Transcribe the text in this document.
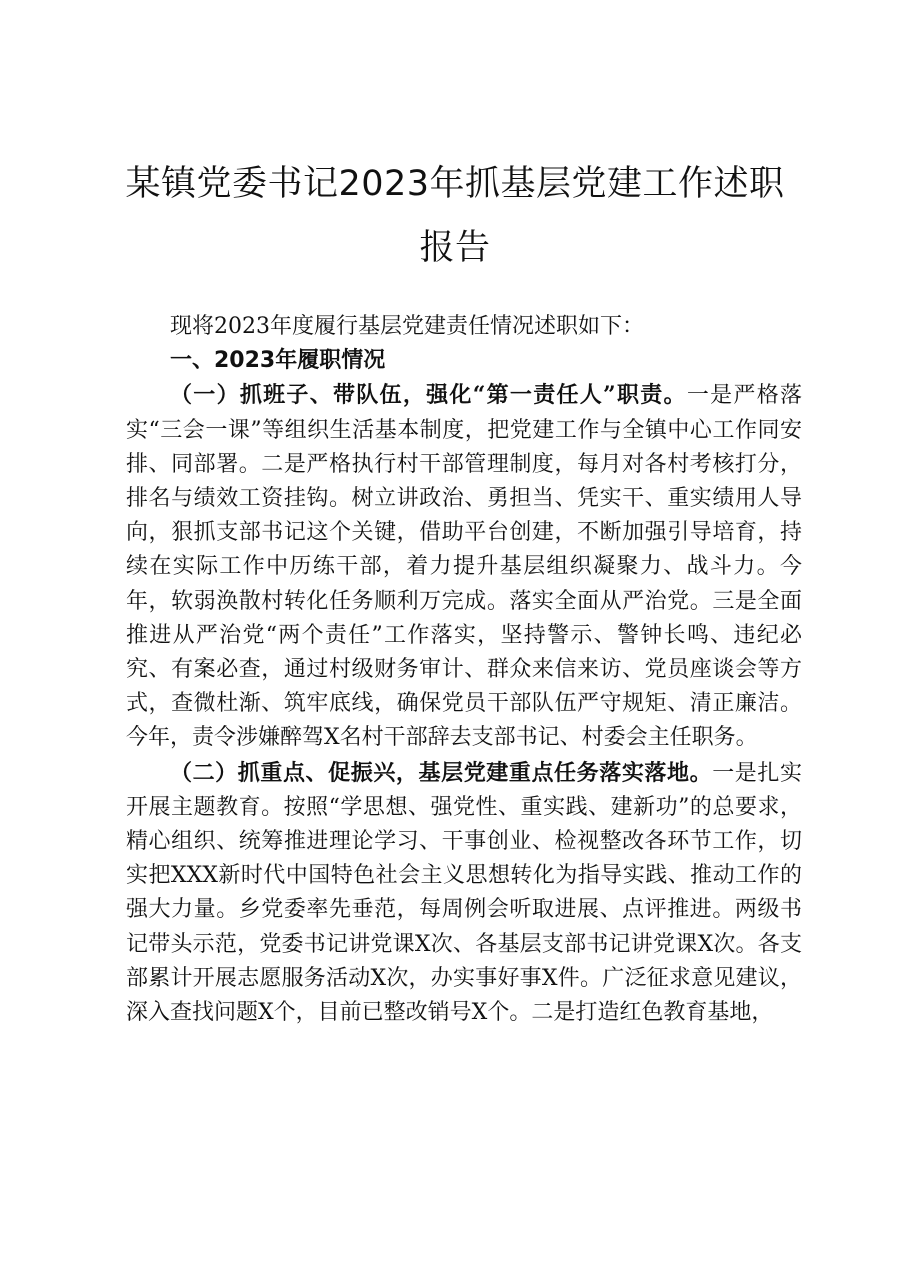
某镇党委书记2023年抓基层党建工作述职报告

现将2023年度履行基层党建责任情况述职如下：

一、2023年履职情况

（一）抓班子、带队伍，强化“第一责任人”职责。一是严格落实“三会一课”等组织生活基本制度，把党建工作与全镇中心工作同安排、同部署。二是严格执行村干部管理制度，每月对各村考核打分，排名与绩效工资挂钩。树立讲政治、勇担当、凭实干、重实绩用人导向，狠抓支部书记这个关键，借助平台创建，不断加强引导培育，持续在实际工作中历练干部，着力提升基层组织凝聚力、战斗力。今年，软弱涣散村转化任务顺利万完成。落实全面从严治党。三是全面推进从严治党“两个责任”工作落实，坚持警示、警钟长鸣、违纪必究、有案必查，通过村级财务审计、群众来信来访、党员座谈会等方式，查微杜渐、筑牢底线，确保党员干部队伍严守规矩、清正廉洁。今年，责令涉嫌醉驾X名村干部辞去支部书记、村委会主任职务。

（二）抓重点、促振兴，基层党建重点任务落实落地。一是扎实开展主题教育。按照“学思想、强党性、重实践、建新功”的总要求，精心组织、统筹推进理论学习、干事创业、检视整改各环节工作，切实把XXX新时代中国特色社会主义思想转化为指导实践、推动工作的强大力量。乡党委率先垂范，每周例会听取进展、点评推进。两级书记带头示范，党委书记讲党课X次、各基层支部书记讲党课X次。各支部累计开展志愿服务活动X次，办实事好事X件。广泛征求意见建议，深入查找问题X个，目前已整改销号X个。二是打造红色教育基地，
